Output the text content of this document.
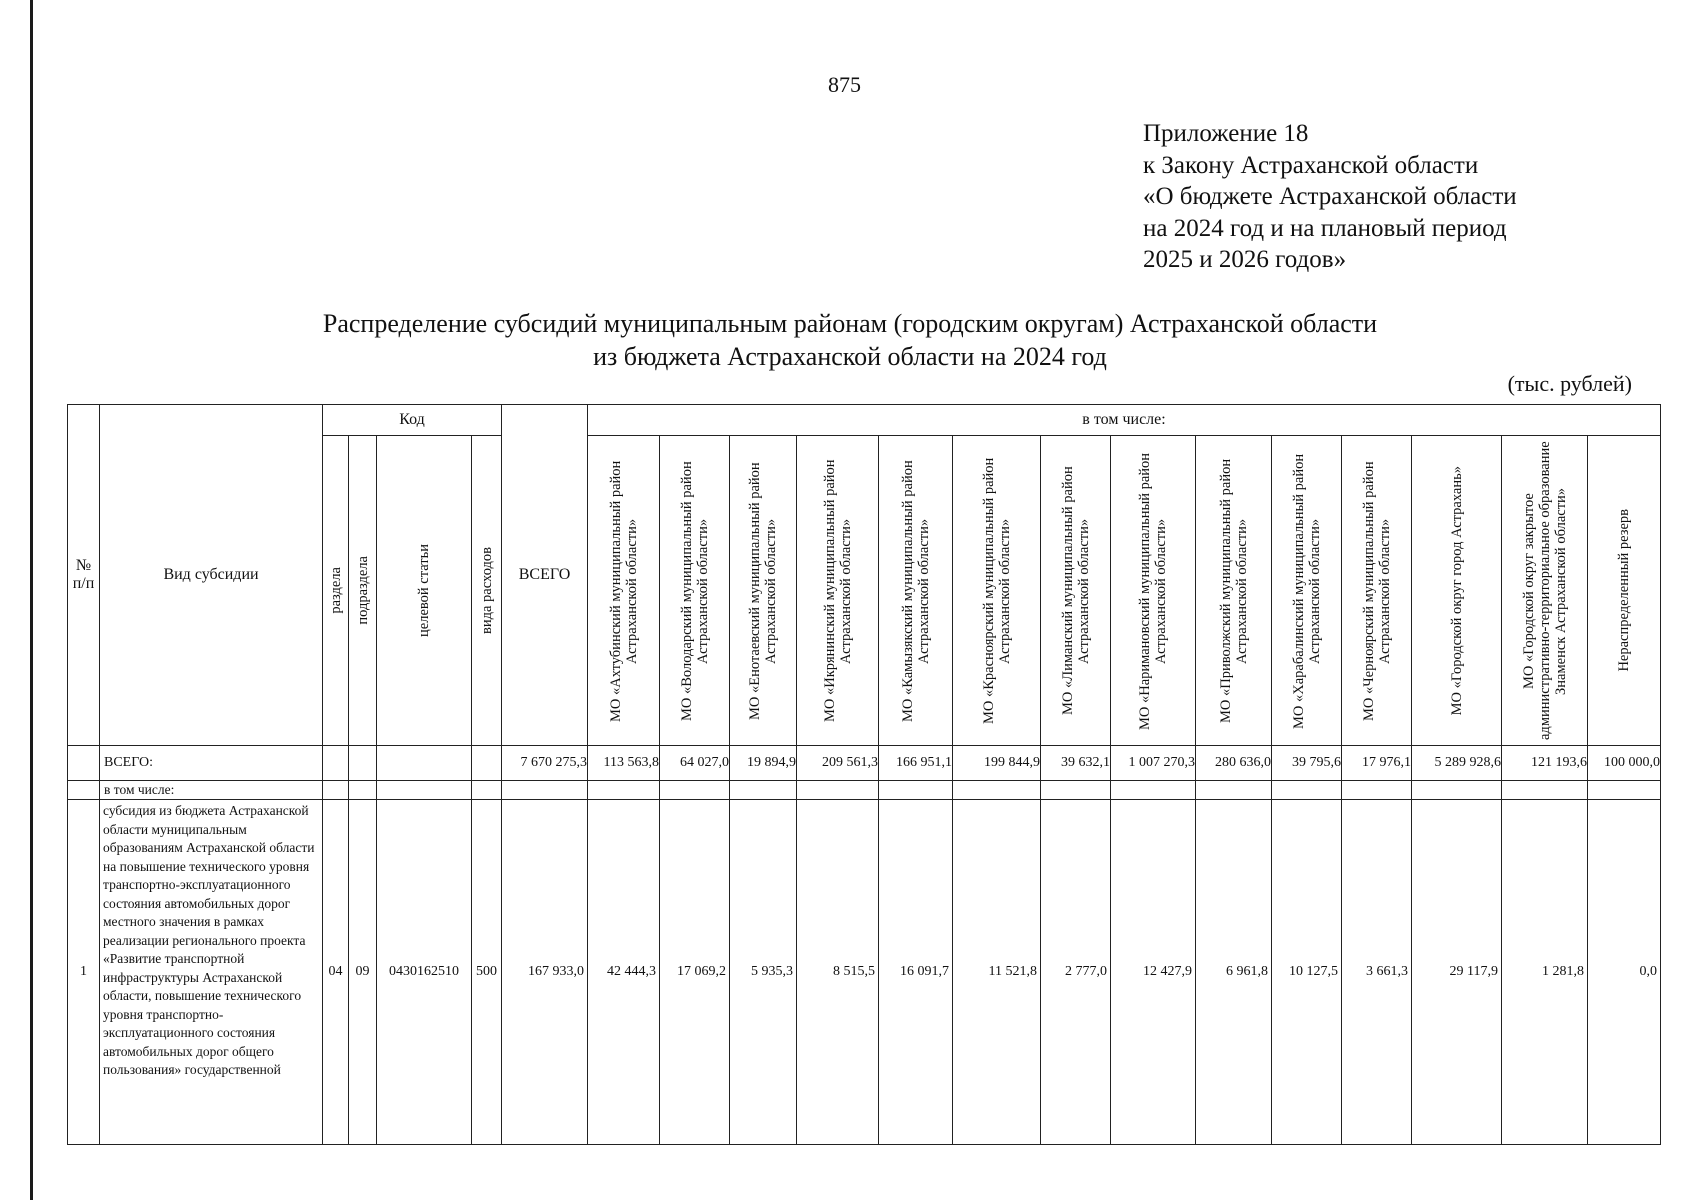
875
Приложение 18
к Закону Астраханской области
«О бюджете Астраханской области
на 2024 год и на плановый период
2025 и 2026 годов»
Распределение субсидий муниципальным районам (городским округам) Астраханской области
из бюджета Астраханской области на 2024 год
(тыс. рублей)
№ п/п	Вид субсидии	Код				ВСЕГО	в том числе:													

		раздела	подраздела	целевой статьи	вида расходов		МО «Ахтубинский муниципальный район Астраханской области»	МО «Володарский муниципальный район Астраханской области»	МО «Енотаевский муниципальный район Астраханской области»	МО «Икрянинский муниципальный район Астраханской области»	МО «Камызякский муниципальный район Астраханской области»	МО «Красноярский муниципальный район Астраханской области»	МО «Лиманский муниципальный район Астраханской области»	МО «Наримановский муниципальный район Астраханской области»	МО «Приволжский муниципальный район Астраханской области»	МО «Харабалинский муниципальный район Астраханской области»	МО «Черноярский муниципальный район Астраханской области»	МО «Городской округ город Астрахань»	МО «Городской округ закрытое административно-территориальное образование Знаменск Астраханской области»	Нераспределенный резерв

	ВСЕГО:					7 670 275,3	113 563,8	64 027,0	19 894,9	209 561,3	166 951,1	199 844,9	39 632,1	1 007 270,3	280 636,0	39 795,6	17 976,1	5 289 928,6	121 193,6	100 000,0
	в том числе:																			
1	субсидия из бюджета Астраханской области муниципальным образованиям Астраханской области на повышение технического уровня транспортно-эксплуатационного состояния автомобильных дорог местного значения в рамках реализации регионального проекта «Развитие транспортной инфраструктуры Астраханской области, повышение технического уровня транспортно-эксплуатационного состояния автомобильных дорог общего пользования» государственной	04	09	0430162510	500	167 933,0	42 444,3	17 069,2	5 935,3	8 515,5	16 091,7	11 521,8	2 777,0	12 427,9	6 961,8	10 127,5	3 661,3	29 117,9	1 281,8	0,0
